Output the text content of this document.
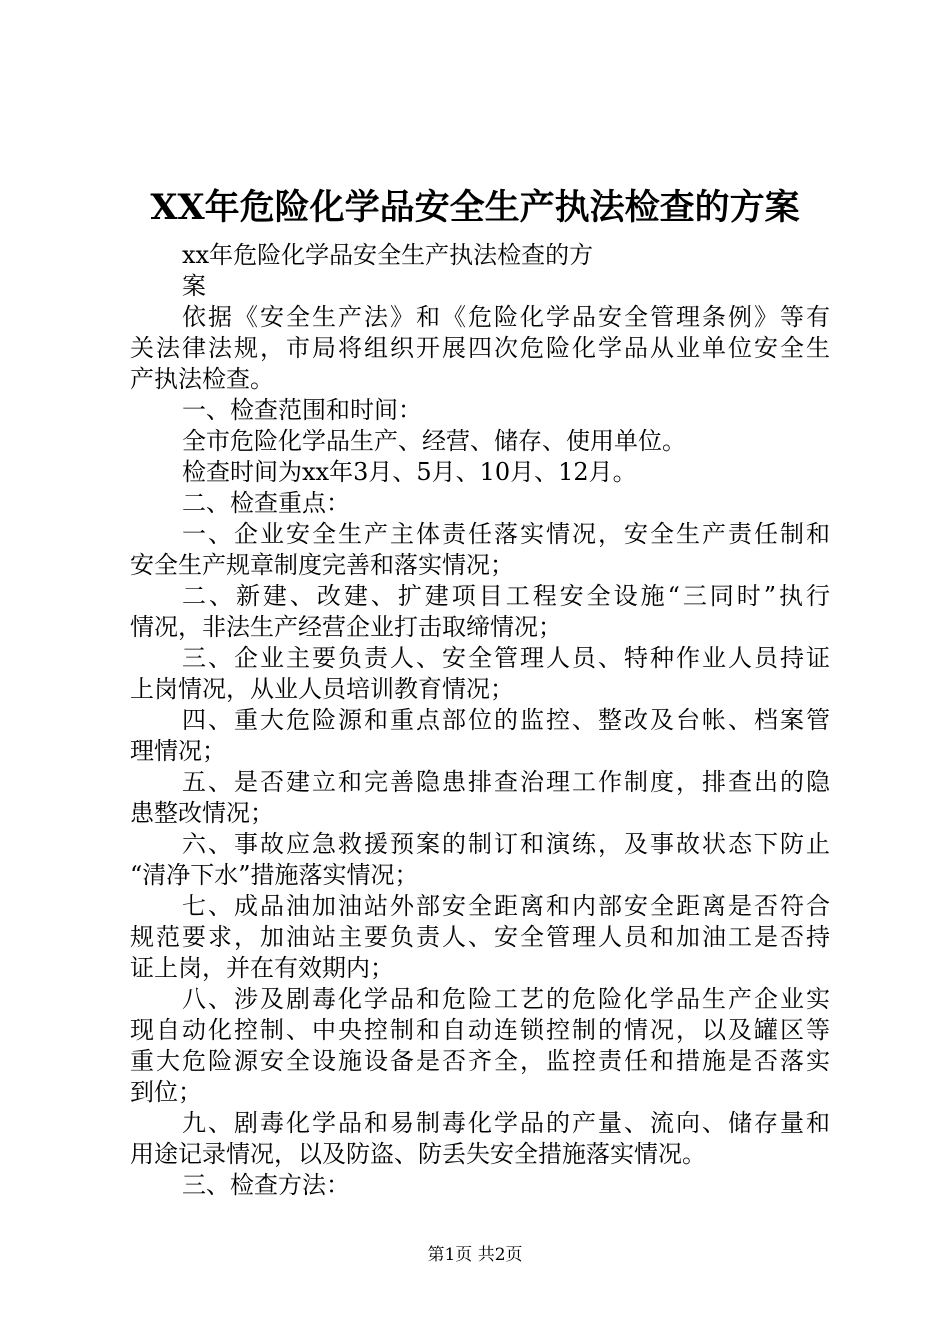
XX年危险化学品安全生产执法检查的方案
xx年危险化学品安全生产执法检查的方
案
依据《安全生产法》和《危险化学品安全管理条例》等有
关法律法规，市局将组织开展四次危险化学品从业单位安全生
产执法检查。
一、检查范围和时间：
全市危险化学品生产、经营、储存、使用单位。
检查时间为xx年3月、5月、10月、12月。
二、检查重点：
一、企业安全生产主体责任落实情况，安全生产责任制和
安全生产规章制度完善和落实情况；
二、新建、改建、扩建项目工程安全设施“三同时”执行
情况，非法生产经营企业打击取缔情况；
三、企业主要负责人、安全管理人员、特种作业人员持证
上岗情况，从业人员培训教育情况；
四、重大危险源和重点部位的监控、整改及台帐、档案管
理情况；
五、是否建立和完善隐患排查治理工作制度，排查出的隐
患整改情况；
六、事故应急救援预案的制订和演练，及事故状态下防止
“清净下水”措施落实情况；
七、成品油加油站外部安全距离和内部安全距离是否符合
规范要求，加油站主要负责人、安全管理人员和加油工是否持
证上岗，并在有效期内；
八、涉及剧毒化学品和危险工艺的危险化学品生产企业实
现自动化控制、中央控制和自动连锁控制的情况，以及罐区等
重大危险源安全设施设备是否齐全，监控责任和措施是否落实
到位；
九、剧毒化学品和易制毒化学品的产量、流向、储存量和
用途记录情况，以及防盗、防丢失安全措施落实情况。
三、检查方法：
第1页 共2页
